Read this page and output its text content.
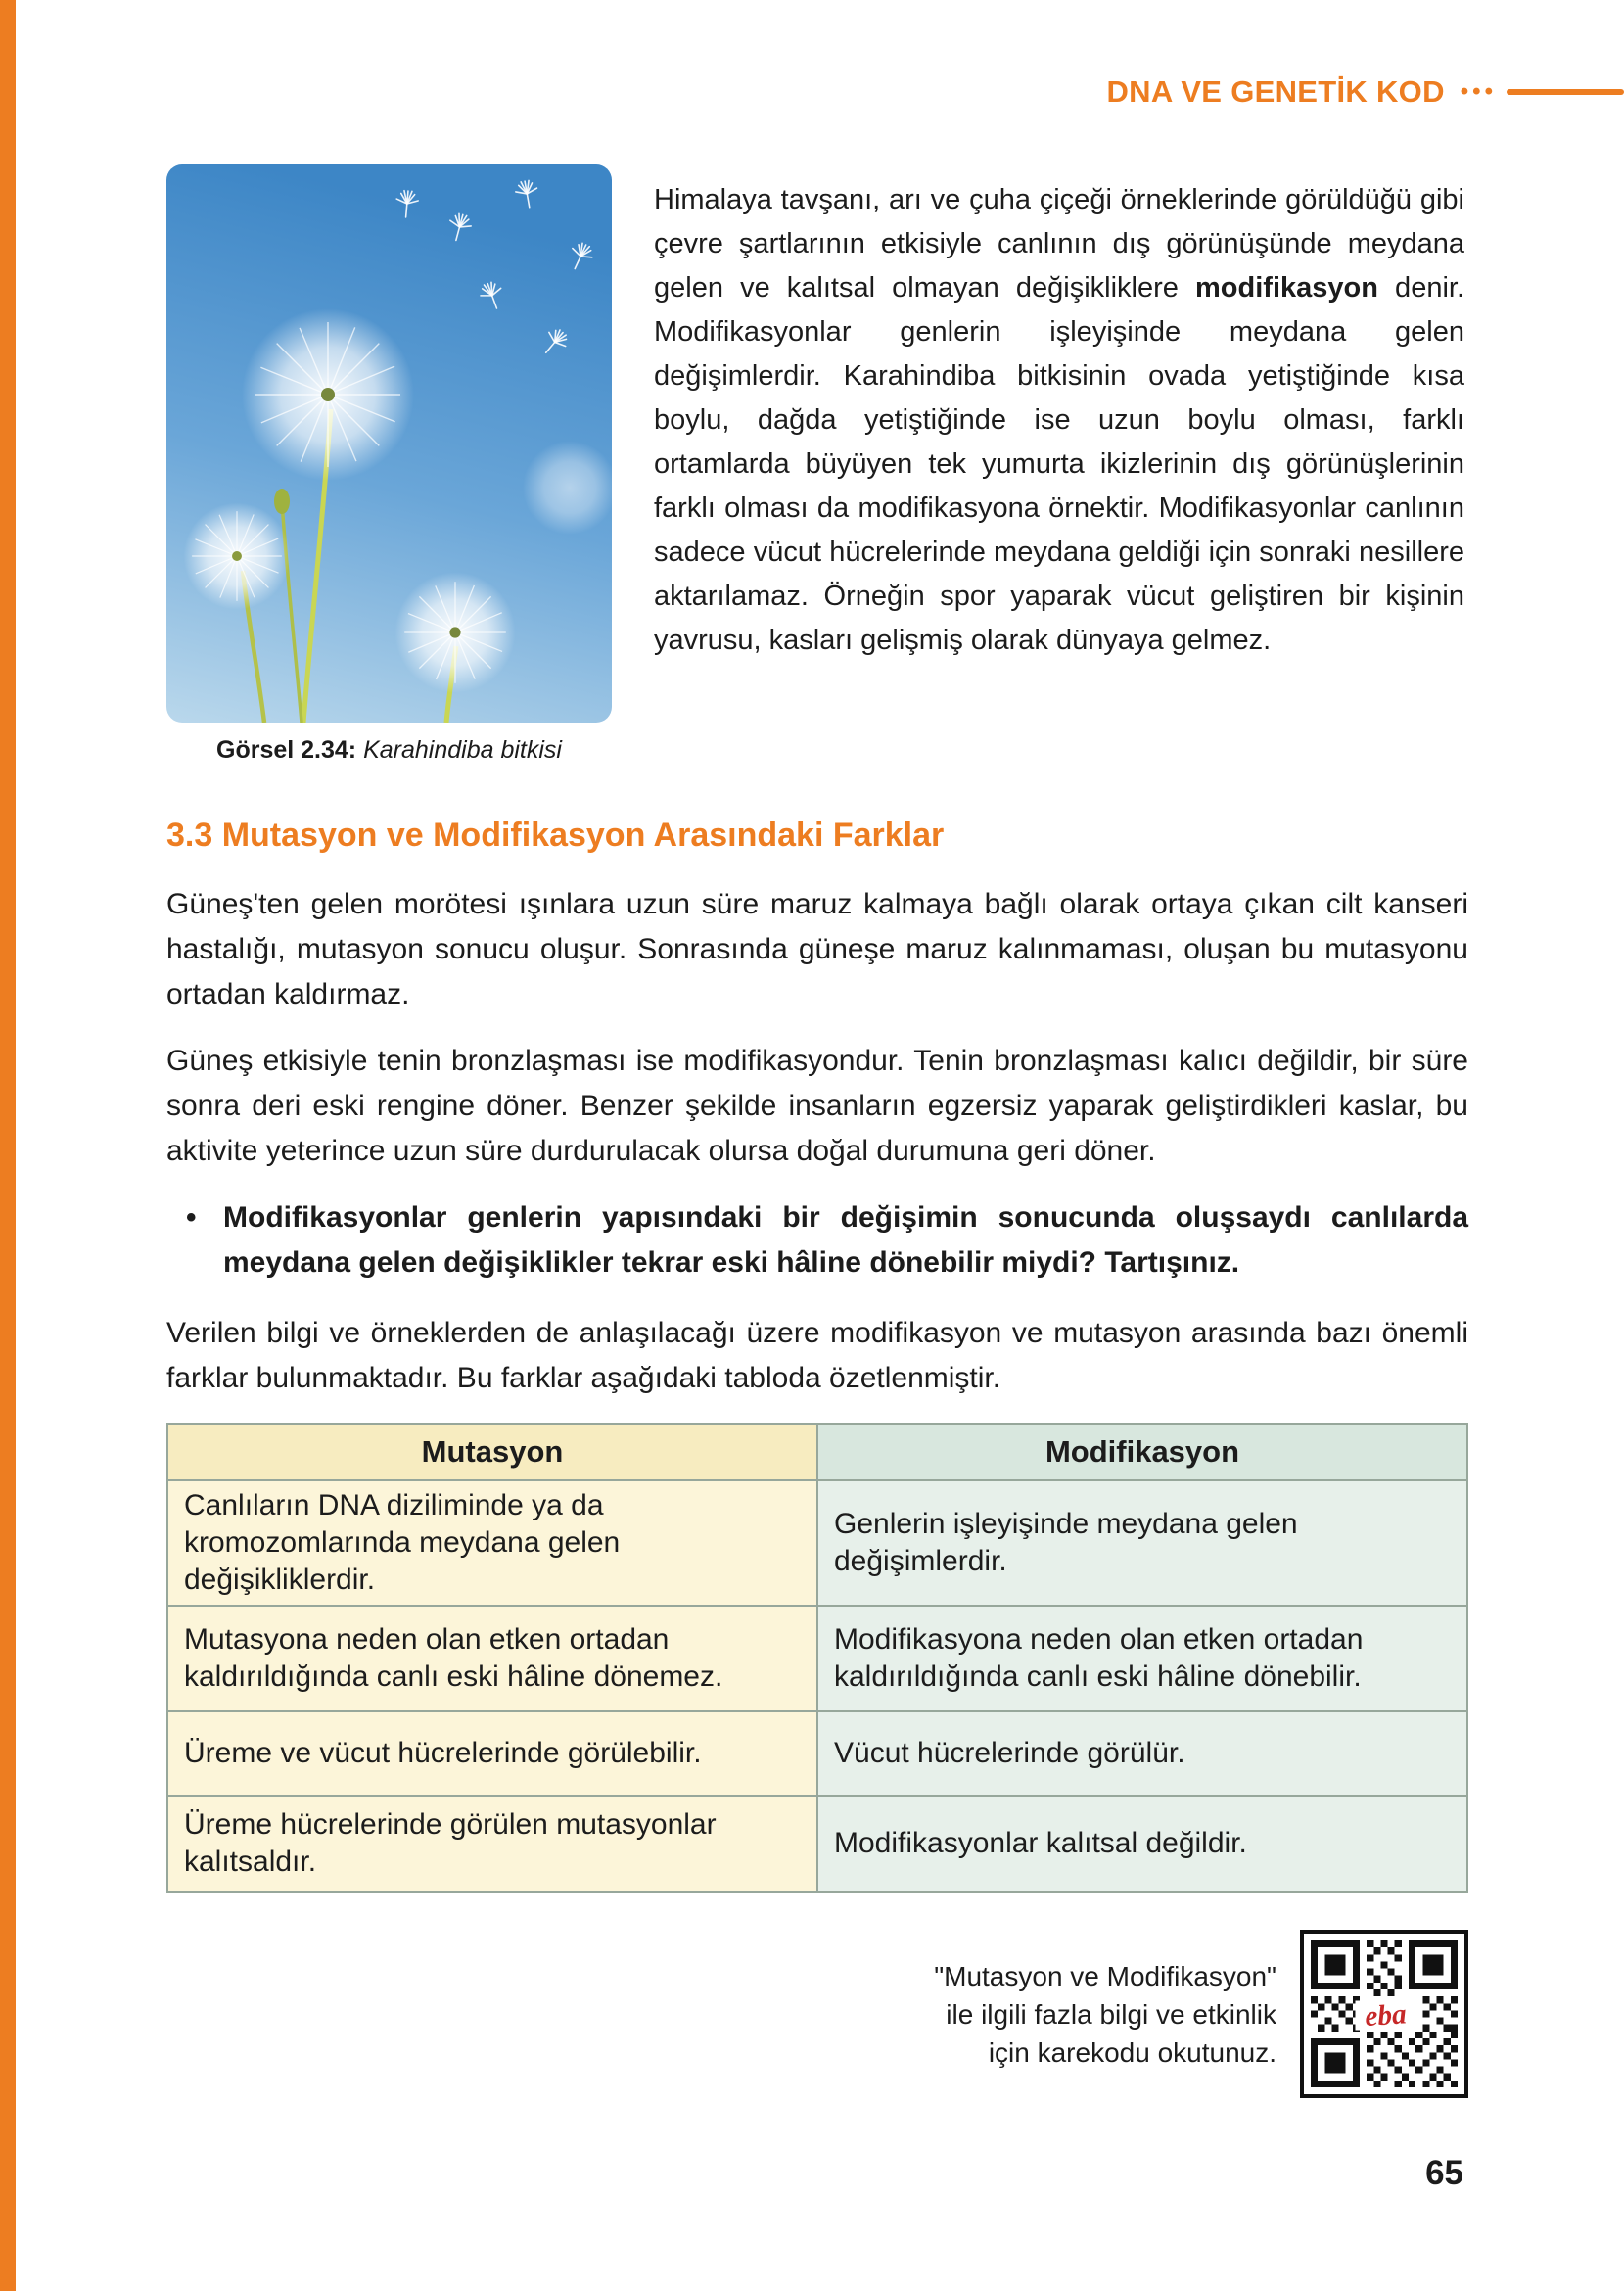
DNA VE GENETİK KOD •••
Görsel 2.34: Karahindiba bitkisi

Himalaya tavşanı, arı ve çuha çiçeği örneklerinde görüldüğü gibi çevre şartlarının etkisiyle canlının dış görünüşünde meydana gelen ve kalıtsal olmayan değişikliklere modifikasyon denir. Modifikasyonlar genlerin işleyişinde meydana gelen değişimlerdir. Karahindiba bitkisinin ovada yetiştiğinde kısa boylu, dağda yetiştiğinde ise uzun boylu olması, farklı ortamlarda büyüyen tek yumurta ikizlerinin dış görünüşlerinin farklı olması da modifikasyona örnektir. Modifikasyonlar canlının sadece vücut hücrelerinde meydana geldiği için sonraki nesillere aktarılamaz. Örneğin spor yaparak vücut geliştiren bir kişinin yavrusu, kasları gelişmiş olarak dünyaya gelmez.

3.3 Mutasyon ve Modifikasyon Arasındaki Farklar

Güneş'ten gelen morötesi ışınlara uzun süre maruz kalmaya bağlı olarak ortaya çıkan cilt kanseri hastalığı, mutasyon sonucu oluşur. Sonrasında güneşe maruz kalınmaması, oluşan bu mutasyonu ortadan kaldırmaz.

Güneş etkisiyle tenin bronzlaşması ise modifikasyondur. Tenin bronzlaşması kalıcı değildir, bir süre sonra deri eski rengine döner. Benzer şekilde insanların egzersiz yaparak geliştirdikleri kaslar, bu aktivite yeterince uzun süre durdurulacak olursa doğal durumuna geri döner.

• Modifikasyonlar genlerin yapısındaki bir değişimin sonucunda oluşsaydı canlılarda meydana gelen değişiklikler tekrar eski hâline dönebilir miydi? Tartışınız.

Verilen bilgi ve örneklerden de anlaşılacağı üzere modifikasyon ve mutasyon arasında bazı önemli farklar bulunmaktadır. Bu farklar aşağıdaki tabloda özetlenmiştir.

Mutasyon	Modifikasyon
Canlıların DNA diziliminde ya da kromozomlarında meydana gelen değişikliklerdir.	Genlerin işleyişinde meydana gelen değişimlerdir.
Mutasyona neden olan etken ortadan kaldırıldığında canlı eski hâline dönemez.	Modifikasyona neden olan etken ortadan kaldırıldığında canlı eski hâline dönebilir.
Üreme ve vücut hücrelerinde görülebilir.	Vücut hücrelerinde görülür.
Üreme hücrelerinde görülen mutasyonlar kalıtsaldır.	Modifikasyonlar kalıtsal değildir.
"Mutasyon ve Modifikasyon"
ile ilgili fazla bilgi ve etkinlik
için karekodu okutunuz.
eba
65
